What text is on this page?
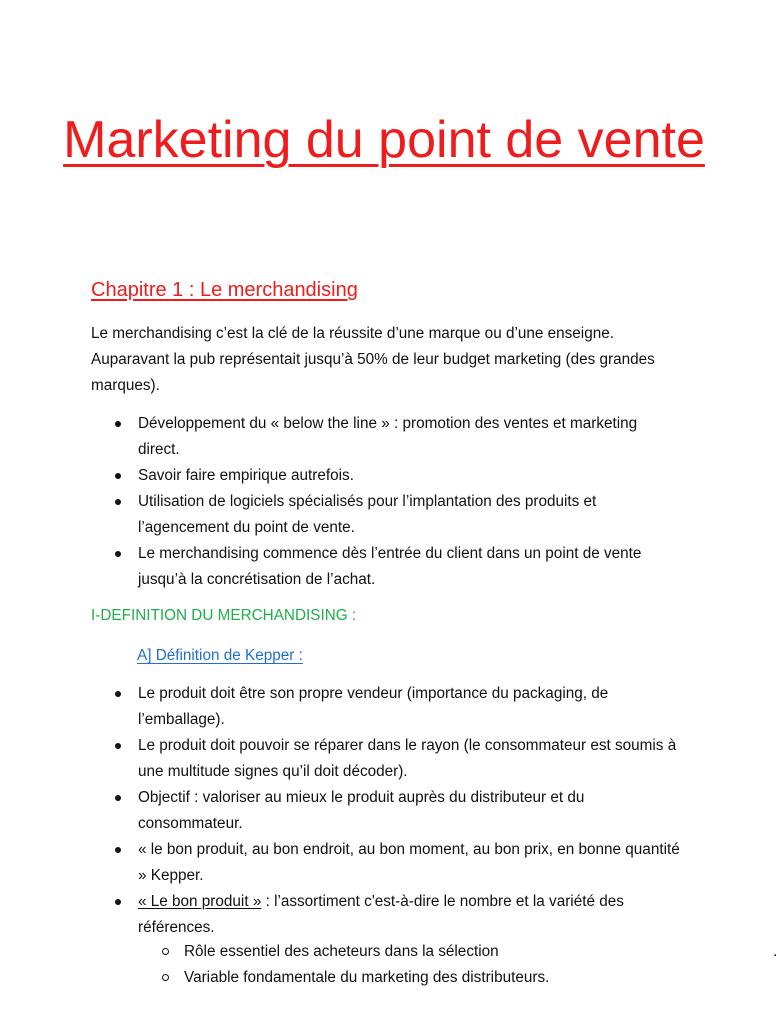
Marketing du point de vente
Chapitre 1 : Le merchandising

Le merchandising c’est la clé de la réussite d’une marque ou d’une enseigne. Auparavant la pub représentait jusqu’à 50% de leur budget marketing (des grandes marques).

Développement du « below the line » : promotion des ventes et marketing direct.
Savoir faire empirique autrefois.
Utilisation de logiciels spécialisés pour l’implantation des produits et l’agencement du point de vente.
Le merchandising commence dès l’entrée du client dans un point de vente jusqu’à la concrétisation de l’achat.
I-DEFINITION DU MERCHANDISING :
A] Définition de Kepper :
Le produit doit être son propre vendeur (importance du packaging, de l’emballage).
Le produit doit pouvoir se réparer dans le rayon (le consommateur est soumis à une multitude signes qu’il doit décoder).
Objectif : valoriser au mieux le produit auprès du distributeur et du consommateur.
« le bon produit, au bon endroit, au bon moment, au bon prix, en bonne quantité » Kepper.
« Le bon produit » : l’assortiment c'est-à-dire le nombre et la variété des références.
Rôle essentiel des acheteurs dans la sélection	.
Variable fondamentale du marketing des distributeurs.
